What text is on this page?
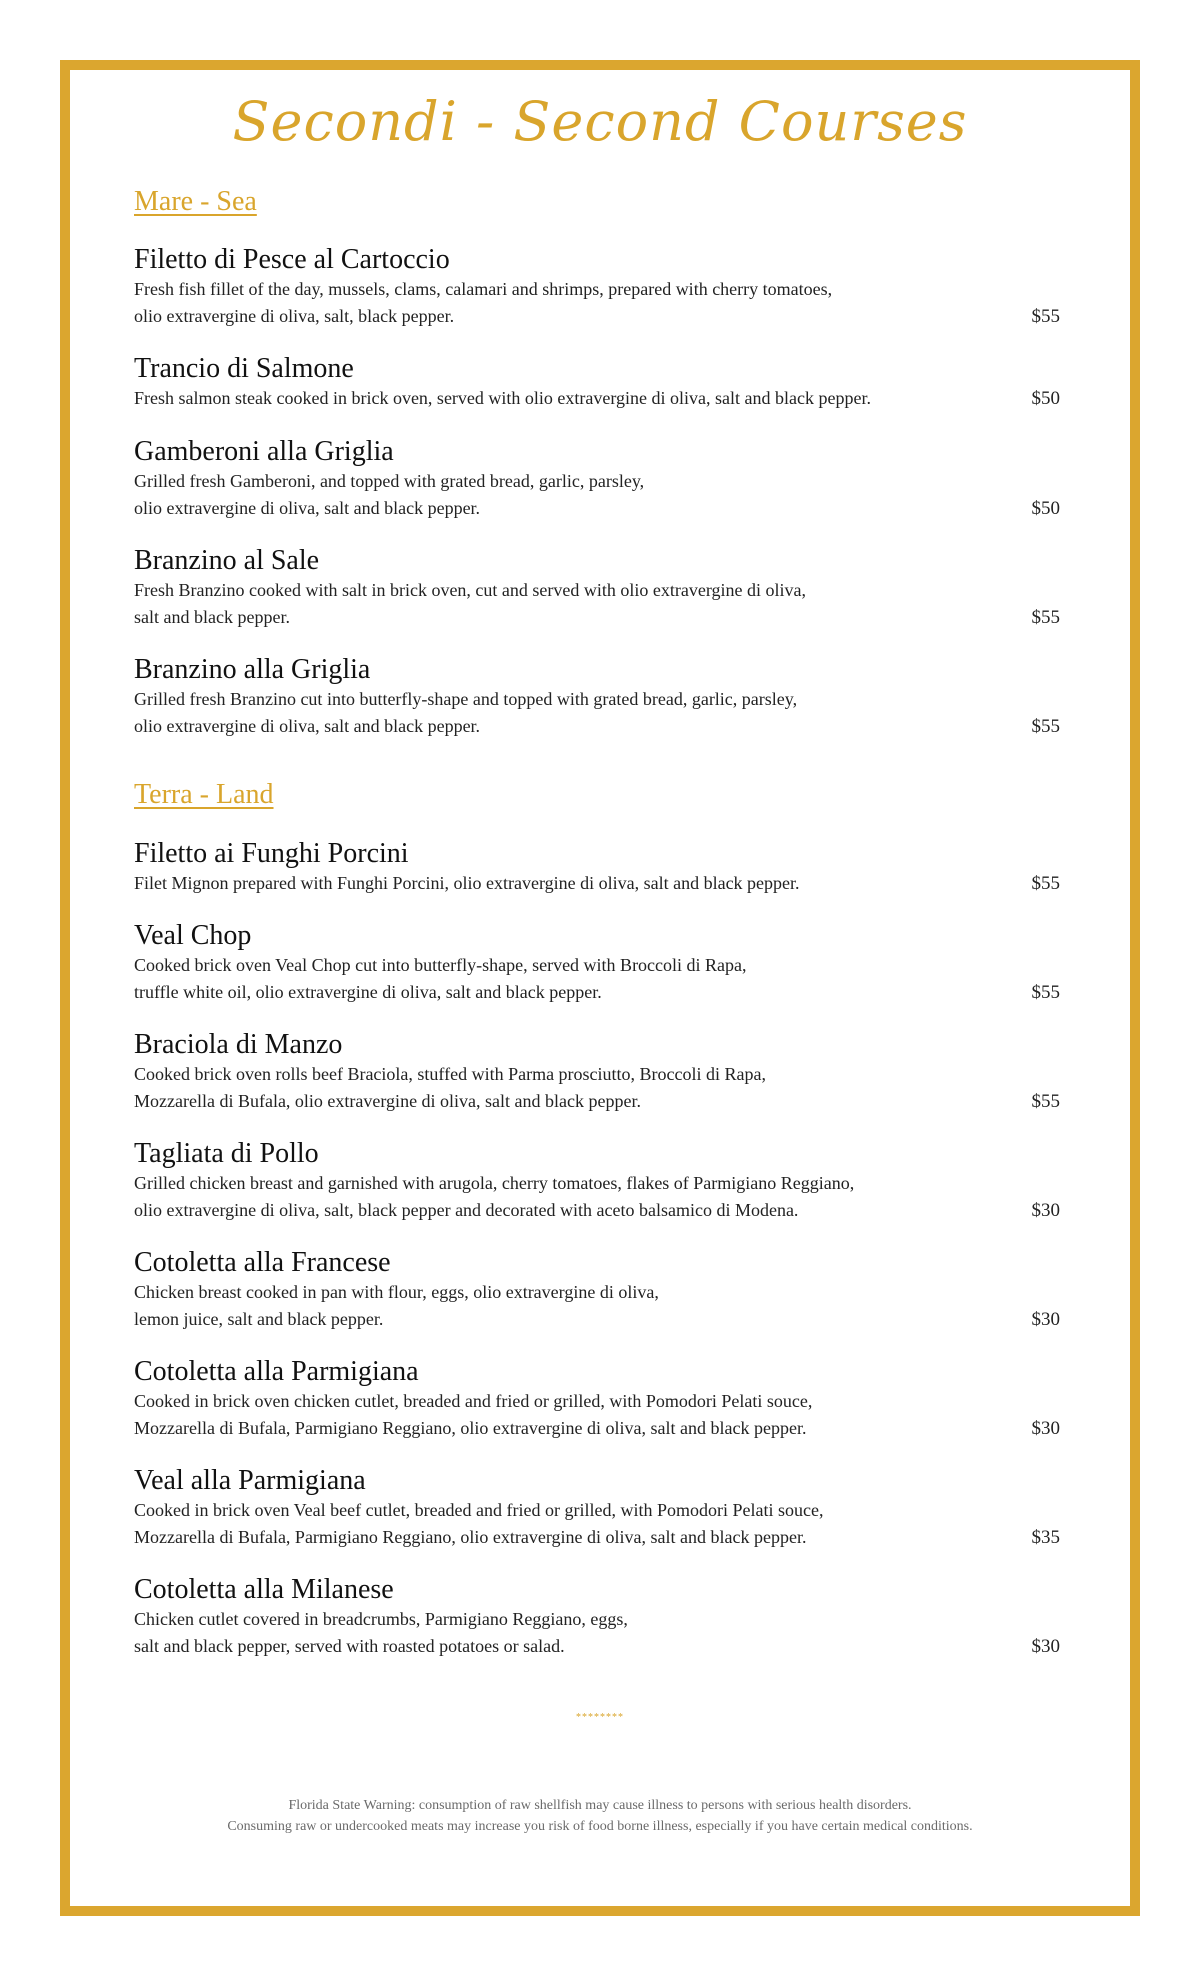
Secondi - Second Courses
Mare - Sea
Filetto di Pesce al Cartoccio
Fresh fish fillet of the day, mussels, clams, calamari and shrimps, prepared with cherry tomatoes,
olio extravergine di oliva, salt, black pepper.	$55
Trancio di Salmone
Fresh salmon steak cooked in brick oven, served with olio extravergine di oliva, salt and black pepper.	$50
Gamberoni alla Griglia
Grilled fresh Gamberoni, and topped with grated bread, garlic, parsley,
olio extravergine di oliva, salt and black pepper.	$50
Branzino al Sale
Fresh Branzino cooked with salt in brick oven, cut and served with olio extravergine di oliva,
salt and black pepper.	$55
Branzino alla Griglia
Grilled fresh Branzino cut into butterfly-shape and topped with grated bread, garlic, parsley,
olio extravergine di oliva, salt and black pepper.	$55
Terra - Land
Filetto ai Funghi Porcini
Filet Mignon prepared with Funghi Porcini, olio extravergine di oliva, salt and black pepper.	$55
Veal Chop
Cooked brick oven Veal Chop cut into butterfly-shape, served with Broccoli di Rapa,
truffle white oil, olio extravergine di oliva, salt and black pepper.	$55
Braciola di Manzo
Cooked brick oven rolls beef Braciola, stuffed with Parma prosciutto, Broccoli di Rapa,
Mozzarella di Bufala, olio extravergine di oliva, salt and black pepper.	$55
Tagliata di Pollo
Grilled chicken breast and garnished with arugola, cherry tomatoes, flakes of Parmigiano Reggiano,
olio extravergine di oliva, salt, black pepper and decorated with aceto balsamico di Modena.	$30
Cotoletta alla Francese
Chicken breast cooked in pan with flour, eggs, olio extravergine di oliva,
lemon juice, salt and black pepper.	$30
Cotoletta alla Parmigiana
Cooked in brick oven chicken cutlet, breaded and fried or grilled, with Pomodori Pelati souce,
Mozzarella di Bufala, Parmigiano Reggiano, olio extravergine di oliva, salt and black pepper.	$30
Veal alla Parmigiana
Cooked in brick oven Veal beef cutlet, breaded and fried or grilled, with Pomodori Pelati souce,
Mozzarella di Bufala, Parmigiano Reggiano, olio extravergine di oliva, salt and black pepper.	$35
Cotoletta alla Milanese
Chicken cutlet covered in breadcrumbs, Parmigiano Reggiano, eggs,
salt and black pepper, served with roasted potatoes or salad.	$30
********
Florida State Warning: consumption of raw shellfish may cause illness to persons with serious health disorders.
Consuming raw or undercooked meats may increase you risk of food borne illness, especially if you have certain medical conditions.
